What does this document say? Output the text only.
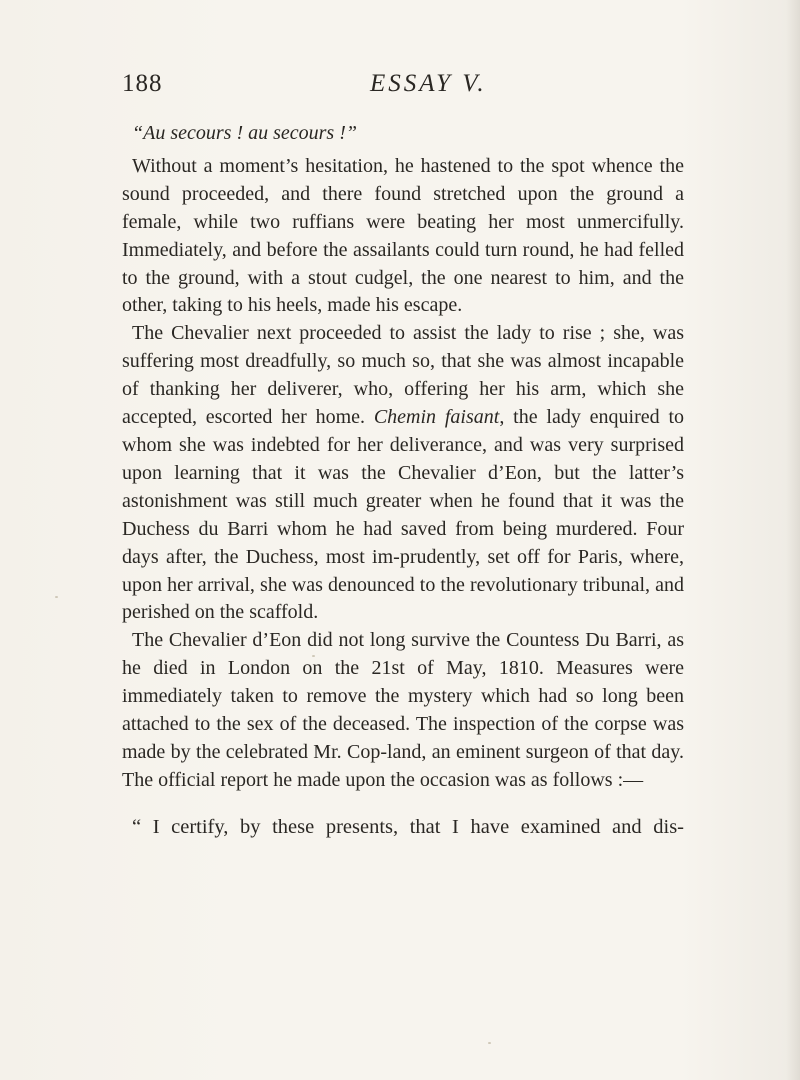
188	ESSAY V.

“Au secours ! au secours !”

Without a moment’s hesitation, he hastened to the spot whence the sound proceeded, and there found stretched upon the ground a female, while two ruffians were beating her most unmercifully. Immediately, and before the assailants could turn round, he had felled to the ground, with a stout cudgel, the one nearest to him, and the other, taking to his heels, made his escape.

The Chevalier next proceeded to assist the lady to rise ; she, was suffering most dreadfully, so much so, that she was almost incapable of thanking her deliverer, who, offering her his arm, which she accepted, escorted her home. Chemin faisant, the lady enquired to whom she was indebted for her deliverance, and was very surprised upon learning that it was the Chevalier d’Eon, but the latter’s astonishment was still much greater when he found that it was the Duchess du Barri whom he had saved from being murdered. Four days after, the Duchess, most im-prudently, set off for Paris, where, upon her arrival, she was denounced to the revolutionary tribunal, and perished on the scaffold.

The Chevalier d’Eon did not long survive the Countess Du Barri, as he died in London on the 21st of May, 1810. Measures were immediately taken to remove the mystery which had so long been attached to the sex of the deceased. The inspection of the corpse was made by the celebrated Mr. Cop-land, an eminent surgeon of that day. The official report he made upon the occasion was as follows :—

“ I certify, by these presents, that I have examined and dis-
